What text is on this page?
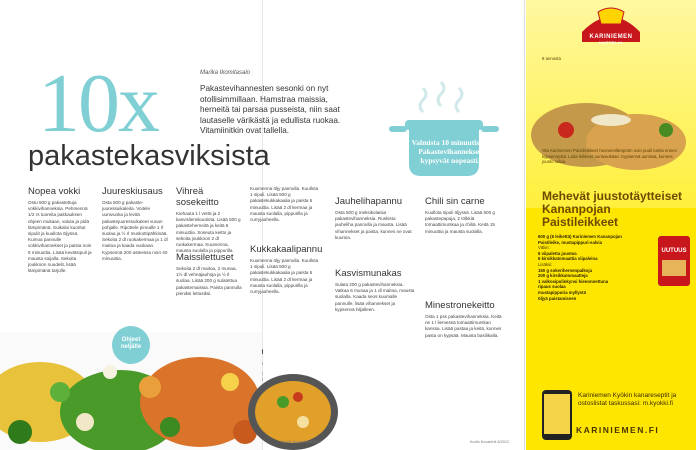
10x
pakastekasviksista
Marika Ikomitasalo
Pakastevihannesten sesonki on nyt otollisimmillaan. Hamstraa maissia, herneitä tai parsaa pusseista, niin saat lautaselle värikästä ja edullista ruokaa. Vitamiinitkin ovat tallella.
Valmista 10 minuutissa! Pakastevihannekset kypsyvät nopeasti.
Nopea vokki

Ostu 500 g pakastettuja vokkivihanneksia. Pehmennä 1/2 rs tuoreita pakkauksen ohjeen mukaan, valuta ja pidä lämpimänä. Suikaloi kuoritut sipulit ja kuullota öljyssä. Kumoa pannulle vokkivihannekset ja paista noin 5 minuuttia. Lisää kevätsipuli ja mausta soijalla. Sekoita joukkoon nuudelit, lisää lämpimänä tarjolle.

Juureskiusaus

Osta 500 g pakaste-juuressuikaleita. Voitele uunivuoka ja levitä pakastejuuressuikaleet vuoan pohjalle. Ripottele pinnalle 1 rl suolaa ja ½ rl muskottipähkinää. Sekoita 2 dl ruokakermaa ja 1 dl maitoa ja kaada vuokaan. Kypsennä 200 asteessa noin 40 minuuttia.

Vihreä sosekeitto

Kiehauta 1 l vettä ja 2 kasvisliemikuutiota. Lisää 500 g pakasteherneitä ja keitä 5 minuuttia. Soseuta keitto ja sekoita joukkoon 2 dl ruokakermaa. Kuumenna, mausta suolalla ja pippurilla.

Maissilettuset

Sekoita 2 dl maitoa, 2 munaa, 1½ dl vehnäjauhoja ja ½ tl suolaa. Lisää 200 g sulatettua pakastemaissia. Paista pannulla pieniksi lettusiksi.

Kuumenna öljy pannulla. Kuullota 1 sipuli. Lisää 500 g pakastekukkakaalia ja paista 5 minuuttia. Lisää 2 dl kermaa ja mausta suolalla, pippurilla ja curryjauheella.

Kukkakaalipannu

Kuumenna öljy pannulla. Kuullota 1 sipuli. Lisää 500 g pakastekukkakaalia ja paista 5 minuuttia. Lisää 2 dl kermaa ja mausta suolalla, pippurilla ja curryjauheella.

Jauhelihapannu

Osta 500 g meksikolaisia pakastevihanneksia. Ruskista jauheliha pannulla ja mausta. Lisää vihannekset ja paista, kunnes ne ovat kuumia.

Kasvismunakas

Sulata 200 g pakastevihanneksia. Vatkaa 6 munaa ja 1 dl maitoa, mausta suolalla. Kaada seos kuumalle pannulle, lisää vihannekset ja kypsennä hiljalleen.

Chili sin carne

Kuullota sipuli öljyssä. Lisää 500 g pakastepapuja, 2 tölkkiä tomaattimurskaa ja chiliä. Keitä 15 minuuttia ja mausta suolalla.

Minestronekeitto

Osta 1 pss pakastevihanneksia. Keitä ne 1 l liemessä tomaattimurskan kanssa. Lisää pastaa ja keitä, kunnes pasta on kypsää. Mausta basilikalla.

Ohjeet neljälle
Kodin Kuvalehti 6/2012	Kodin Kuvalehti 6/2012
KARINIEMEN
KUTTELIA
8 annosta
Ota Kariniemen Paistileikkeet huoneenlämpöön noin puoli tuntia ennen kypsennystä. Laita leikkeet uunivuokaan. Kypsennä uunissa, kunnes juusto sulaa.
Mehevät juustotäytteiset Kananpojan Paistileikkeet
600 g (6 leikettä) Kariniemen Kananpojan Paistileike, mustapippuri-salvia
Väliin:
6 viipaletta juustoa
6 kirsikkatomaattia viipaleina
Lisäksi:
150 g sokerihernenpalkoja
200 g kirsikkatomaatteja
1 valkosipulinkynsi hienonnettuna
ripaus suolaa
mustapippuria myllystä
öljyä paistamiseen
UUTUUS
Kariniemen Kyökin kanareseptit ja ostoslistat taskussasi: m.kyokki.fi
KARINIEMEN.FI
